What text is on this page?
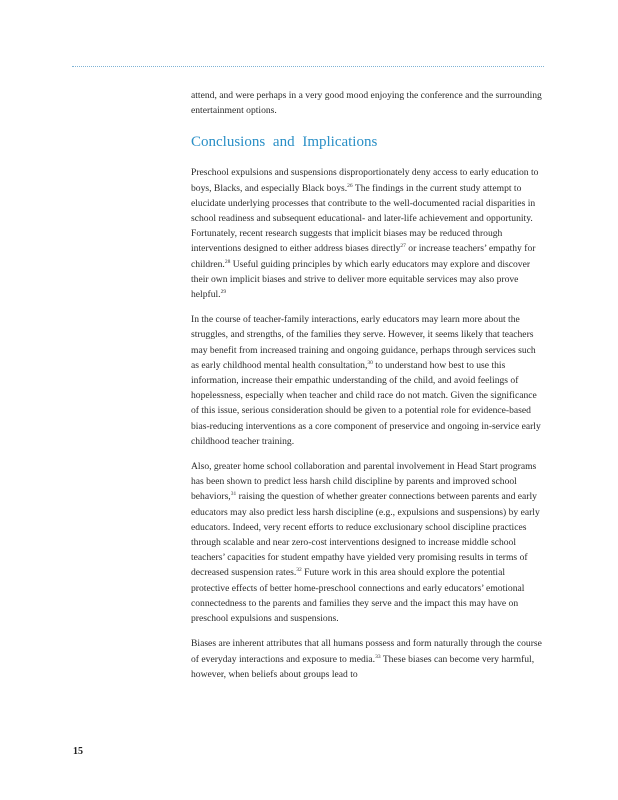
attend, and were perhaps in a very good mood enjoying the conference and the surrounding entertainment options.

Conclusions and Implications

Preschool expulsions and suspensions disproportionately deny access to early education to boys, Blacks, and especially Black boys.$^{26}$ The findings in the current study attempt to elucidate underlying processes that contribute to the well-documented racial disparities in school readiness and subsequent educational- and later-life achievement and opportunity. Fortunately, recent research suggests that implicit biases may be reduced through interventions designed to either address biases directly$^{27}$ or increase teachers’ empathy for children.$^{28}$ Useful guiding principles by which early educators may explore and discover their own implicit biases and strive to deliver more equitable services may also prove helpful.$^{29}$

In the course of teacher-family interactions, early educators may learn more about the struggles, and strengths, of the families they serve. However, it seems likely that teachers may benefit from increased training and ongoing guidance, perhaps through services such as early childhood mental health consultation,$^{30}$ to understand how best to use this information, increase their empathic understanding of the child, and avoid feelings of hopelessness, especially when teacher and child race do not match. Given the significance of this issue, serious consideration should be given to a potential role for evidence-based bias-reducing interventions as a core component of preservice and ongoing in-service early childhood teacher training.

Also, greater home school collaboration and parental involvement in Head Start programs has been shown to predict less harsh child discipline by parents and improved school behaviors,$^{31}$ raising the question of whether greater connections between parents and early educators may also predict less harsh discipline (e.g., expulsions and suspensions) by early educators. Indeed, very recent efforts to reduce exclusionary school discipline practices through scalable and near zero-cost interventions designed to increase middle school teachers’ capacities for student empathy have yielded very promising results in terms of decreased suspension rates.$^{32}$ Future work in this area should explore the potential protective effects of better home-preschool connections and early educators’ emotional connectedness to the parents and families they serve and the impact this may have on preschool expulsions and suspensions.

Biases are inherent attributes that all humans possess and form naturally through the course of everyday interactions and exposure to media.$^{33}$ These biases can become very harmful, however, when beliefs about groups lead to

15
